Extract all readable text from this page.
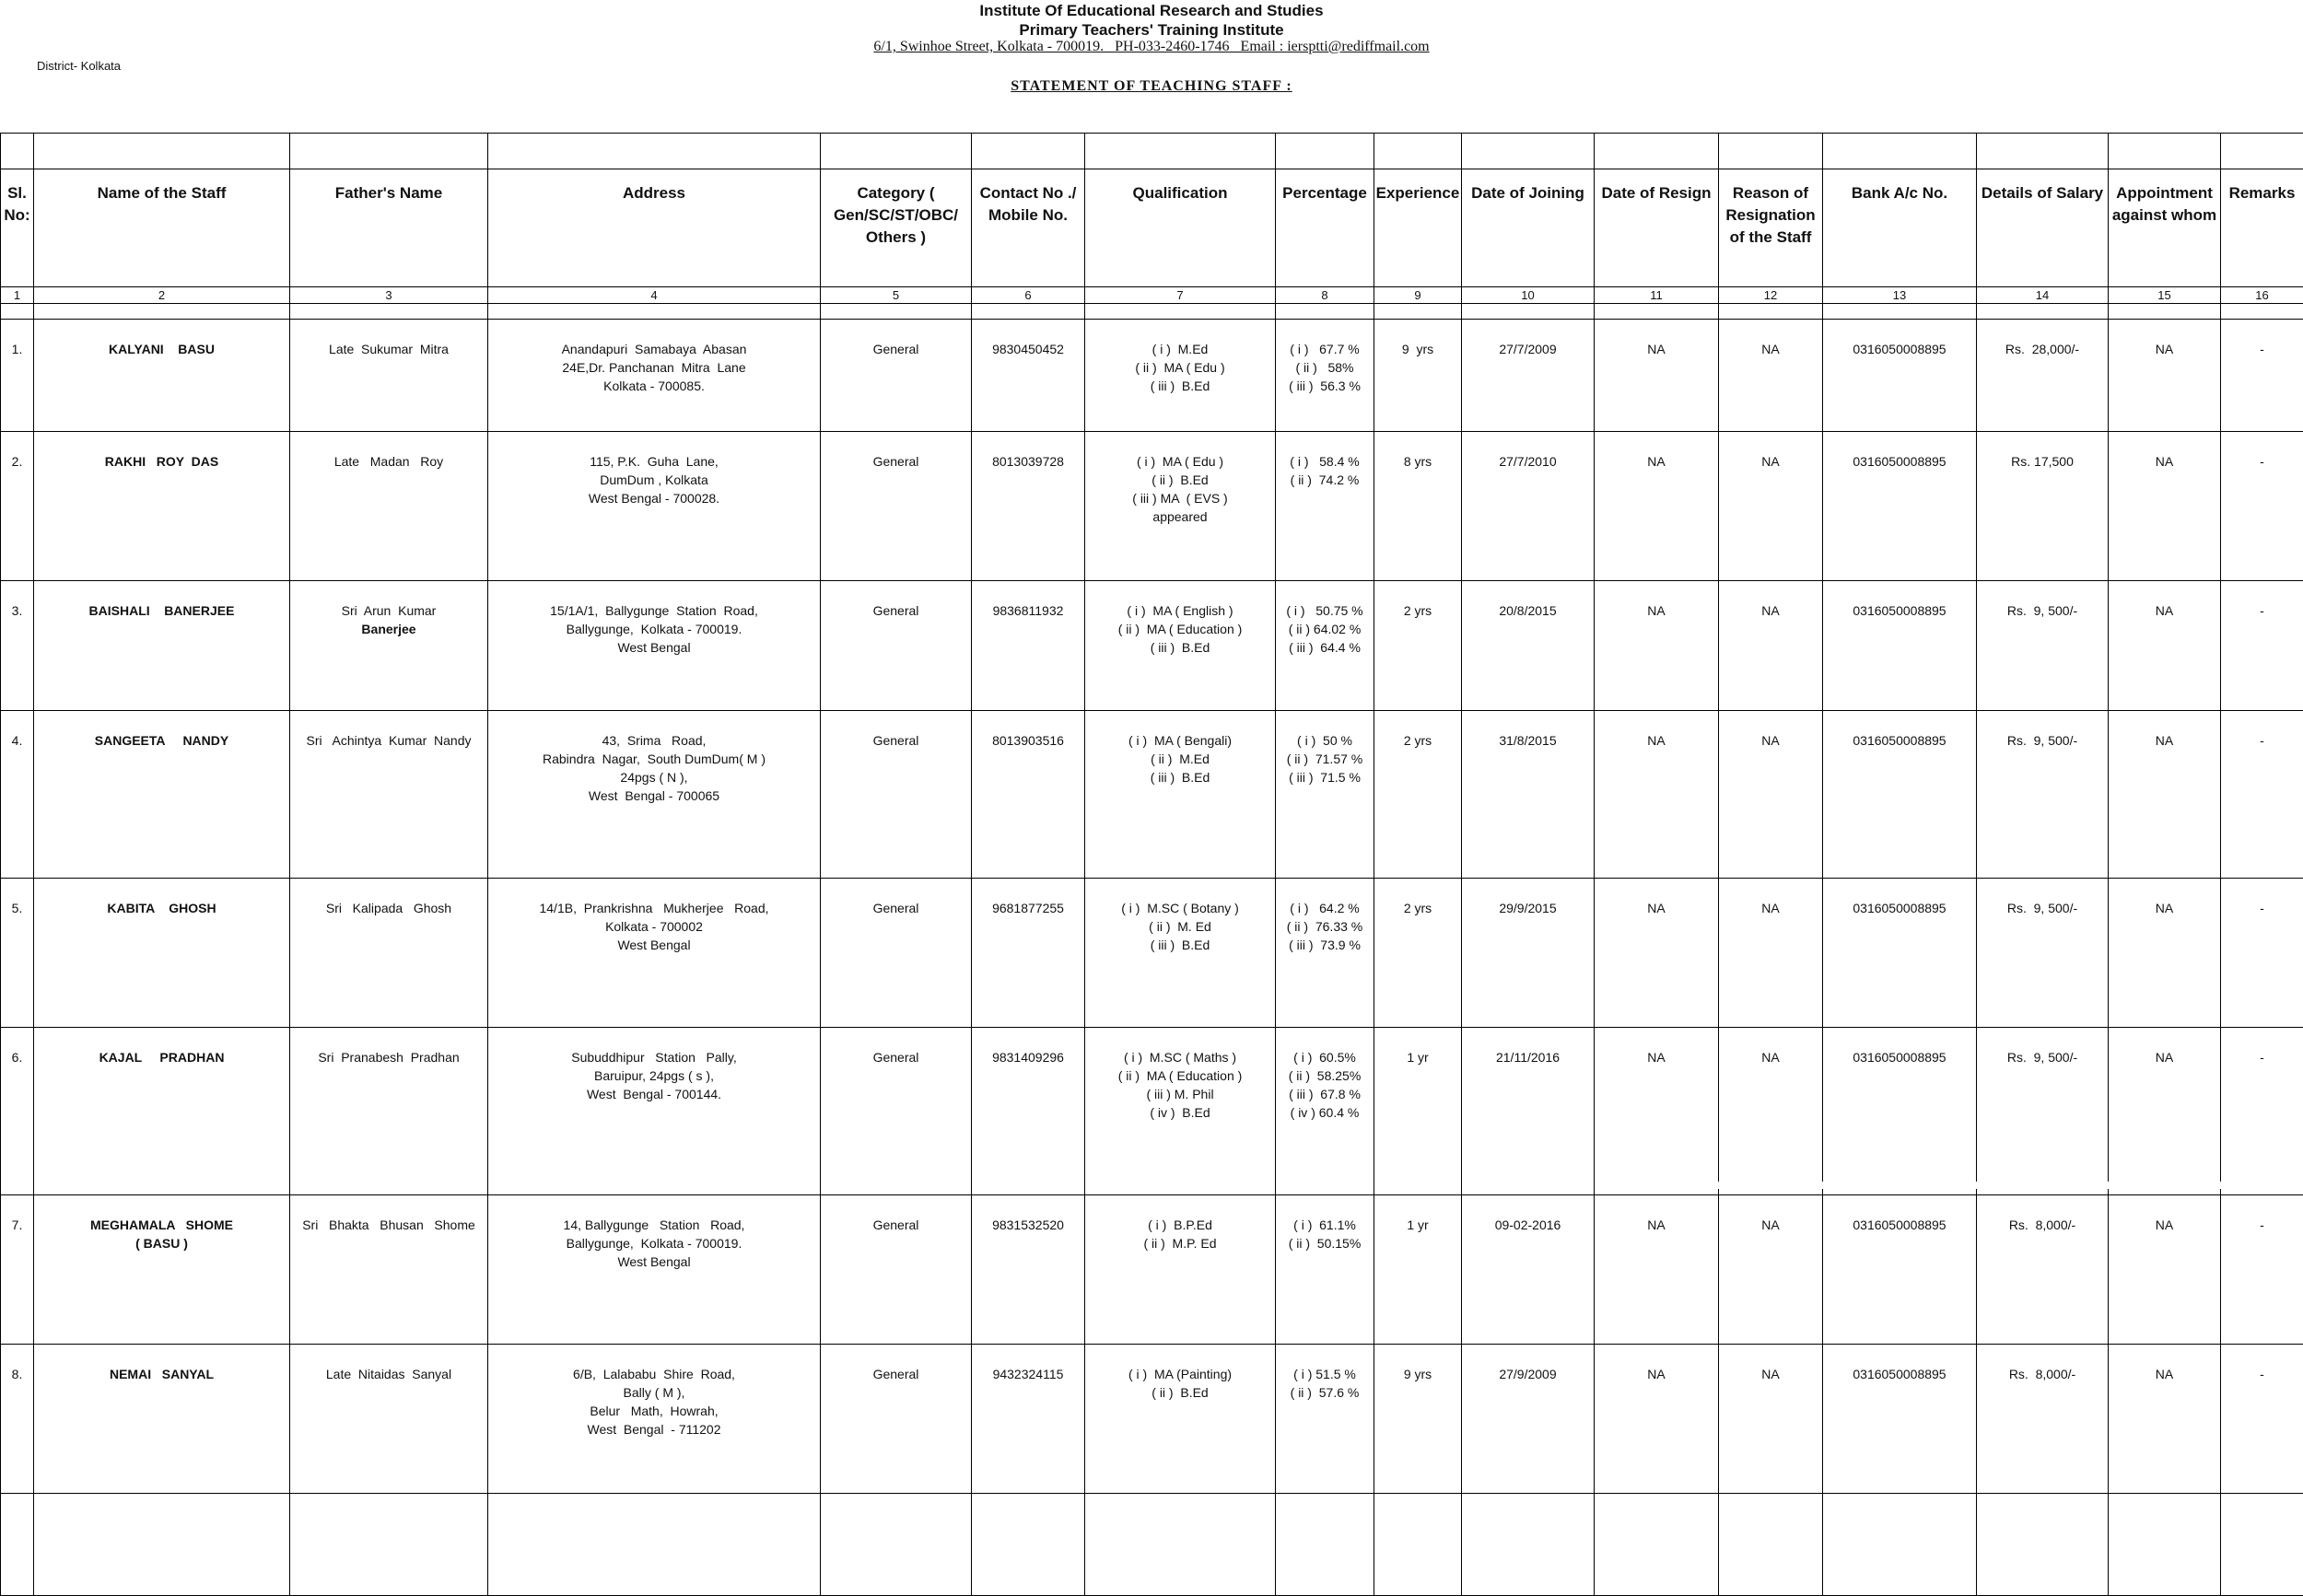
Institute Of Educational Research and Studies
Primary Teachers' Training Institute
6/1, Swinhoe Street, Kolkata - 700019.   PH-033-2460-1746   Email : iersptti@rediffmail.com
District- Kolkata
STATEMENT OF TEACHING STAFF :

Sl. No:	Name of the Staff	Father's Name	Address	Category ( Gen/SC/ST/OBC/ Others )	Contact No ./ Mobile No.	Qualification	Percentage	Experience	Date of Joining	Date of Resign	Reason of Resignation of the Staff	Bank A/c No.	Details of Salary	Appointment against whom	Remarks
1	2	3	4	5	6	7	8	9	10	11	12	13	14	15	16

1.	KALYANI    BASU	Late  Sukumar  Mitra	Anandapuri  Samabaya  Abasan
24E,Dr. Panchanan  Mitra  Lane
Kolkata - 700085.	General	9830450452	( i )  M.Ed
( ii )  MA ( Edu )
( iii )  B.Ed	( i )   67.7 %
( ii )   58%
( iii )  56.3 %	9  yrs	27/7/2009	NA	NA	0316050008895	Rs.  28,000/-	NA	-
2.	RAKHI   ROY  DAS	Late   Madan   Roy	115, P.K.  Guha  Lane,
DumDum , Kolkata
West Bengal - 700028.	General	8013039728	( i )  MA ( Edu )
( ii )  B.Ed
( iii ) MA  ( EVS )
appeared	( i )   58.4 %
( ii )  74.2 %	8 yrs	27/7/2010	NA	NA	0316050008895	Rs. 17,500	NA	-
3.	BAISHALI    BANERJEE	Sri  Arun  Kumar
Banerjee	15/1A/1,  Ballygunge  Station  Road,
Ballygunge,  Kolkata - 700019.
West Bengal	General	9836811932	( i )  MA ( English )
( ii )  MA ( Education )
( iii )  B.Ed	( i )   50.75 %
( ii ) 64.02 %
( iii )  64.4 %	2 yrs	20/8/2015	NA	NA	0316050008895	Rs.  9, 500/-	NA	-
4.	SANGEETA     NANDY	Sri   Achintya  Kumar  Nandy	43,  Srima   Road,
Rabindra  Nagar,  South DumDum( M )
24pgs ( N ),
West  Bengal - 700065	General	8013903516	( i )  MA ( Bengali)
( ii )  M.Ed
( iii )  B.Ed	( i )  50 %
( ii )  71.57 %
( iii )  71.5 %	2 yrs	31/8/2015	NA	NA	0316050008895	Rs.  9, 500/-	NA	-
5.	KABITA    GHOSH	Sri   Kalipada   Ghosh	14/1B,  Prankrishna   Mukherjee   Road,
Kolkata - 700002
West Bengal	General	9681877255	( i )  M.SC ( Botany )
( ii )  M. Ed
( iii )  B.Ed	( i )   64.2 %
( ii )  76.33 %
( iii )  73.9 %	2 yrs	29/9/2015	NA	NA	0316050008895	Rs.  9, 500/-	NA	-
6.	KAJAL     PRADHAN	Sri  Pranabesh  Pradhan	Subuddhipur   Station   Pally,
Baruipur, 24pgs ( s ),
West  Bengal - 700144.	General	9831409296	( i )  M.SC ( Maths )
( ii )  MA ( Education )
( iii ) M. Phil
( iv )  B.Ed	( i )  60.5%
( ii )  58.25%
( iii )  67.8 %
( iv ) 60.4 %	1 yr	21/11/2016	NA	NA	0316050008895	Rs.  9, 500/-	NA	-
7.	MEGHAMALA   SHOME
( BASU )	Sri   Bhakta   Bhusan   Shome	14, Ballygunge   Station   Road,
Ballygunge,  Kolkata - 700019.
West Bengal	General	9831532520	( i )  B.P.Ed
( ii )  M.P. Ed	( i )  61.1%
( ii )  50.15%	1 yr	09-02-2016	NA	NA	0316050008895	Rs.  8,000/-	NA	-
8.	NEMAI   SANYAL	Late  Nitaidas  Sanyal	6/B,  Lalababu  Shire  Road,
Bally ( M ),
Belur   Math,  Howrah,
West  Bengal  - 711202	General	9432324115	( i )  MA (Painting)
( ii )  B.Ed	( i ) 51.5 %
( ii )  57.6 %	9 yrs	27/9/2009	NA	NA	0316050008895	Rs.  8,000/-	NA	-
